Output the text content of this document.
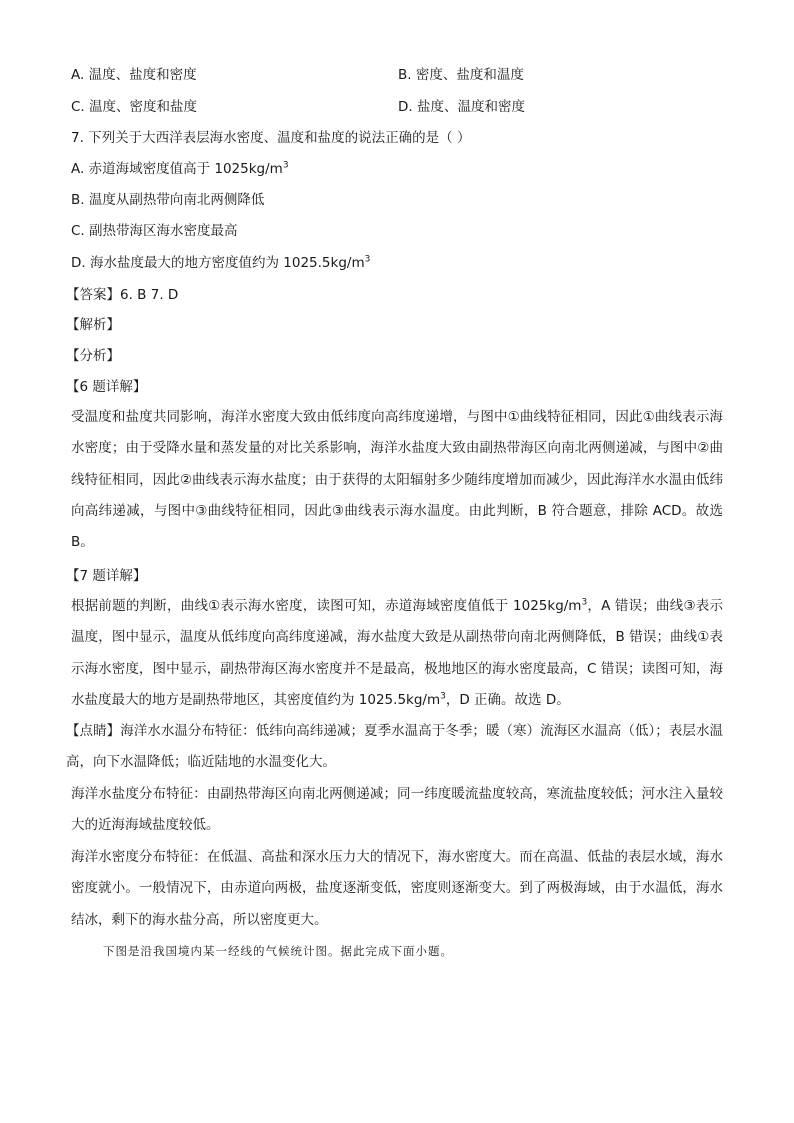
A. 温度、盐度和密度	B. 密度、盐度和温度
C. 温度、密度和盐度	D. 盐度、温度和密度
7. 下列关于大西洋表层海水密度、温度和盐度的说法正确的是（ ）
A. 赤道海域密度值高于 $1025kg/m^3$
B. 温度从副热带向南北两侧降低
C. 副热带海区海水密度最高
D. 海水盐度最大的地方密度值约为 $1025.5kg/m^3$
【答案】6. B 7. D
【解析】
【分析】
【6 题详解】

受温度和盐度共同影响，海洋水密度大致由低纬度向高纬度递增，与图中①曲线特征相同，因此①曲线表示海水密度；由于受降水量和蒸发量的对比关系影响，海洋水盐度大致由副热带海区向南北两侧递减，与图中②曲线特征相同，因此②曲线表示海水盐度；由于获得的太阳辐射多少随纬度增加而减少，因此海洋水水温由低纬向高纬递减，与图中③曲线特征相同，因此③曲线表示海水温度。由此判断，B 符合题意，排除 ACD。故选 B。

【7 题详解】

根据前题的判断，曲线①表示海水密度，读图可知，赤道海域密度值低于 $1025kg/m^3$，A 错误；曲线③表示温度，图中显示，温度从低纬度向高纬度递减，海水盐度大致是从副热带向南北两侧降低，B 错误；曲线①表示海水密度，图中显示，副热带海区海水密度并不是最高，极地地区的海水密度最高，C 错误；读图可知，海水盐度最大的地方是副热带地区，其密度值约为 $1025.5kg/m^3$，D 正确。故选 D。

【点睛】海洋水水温分布特征：低纬向高纬递减；夏季水温高于冬季；暖（寒）流海区水温高（低）；表层水温高，向下水温降低；临近陆地的水温变化大。

海洋水盐度分布特征：由副热带海区向南北两侧递减；同一纬度暖流盐度较高，寒流盐度较低；河水注入量较大的近海海域盐度较低。

海洋水密度分布特征：在低温、高盐和深水压力大的情况下，海水密度大。而在高温、低盐的表层水域，海水密度就小。一般情况下，由赤道向两极，盐度逐渐变低，密度则逐渐变大。到了两极海域，由于水温低，海水结冰，剩下的海水盐分高，所以密度更大。

下图是沿我国境内某一经线的气候统计图。据此完成下面小题。
